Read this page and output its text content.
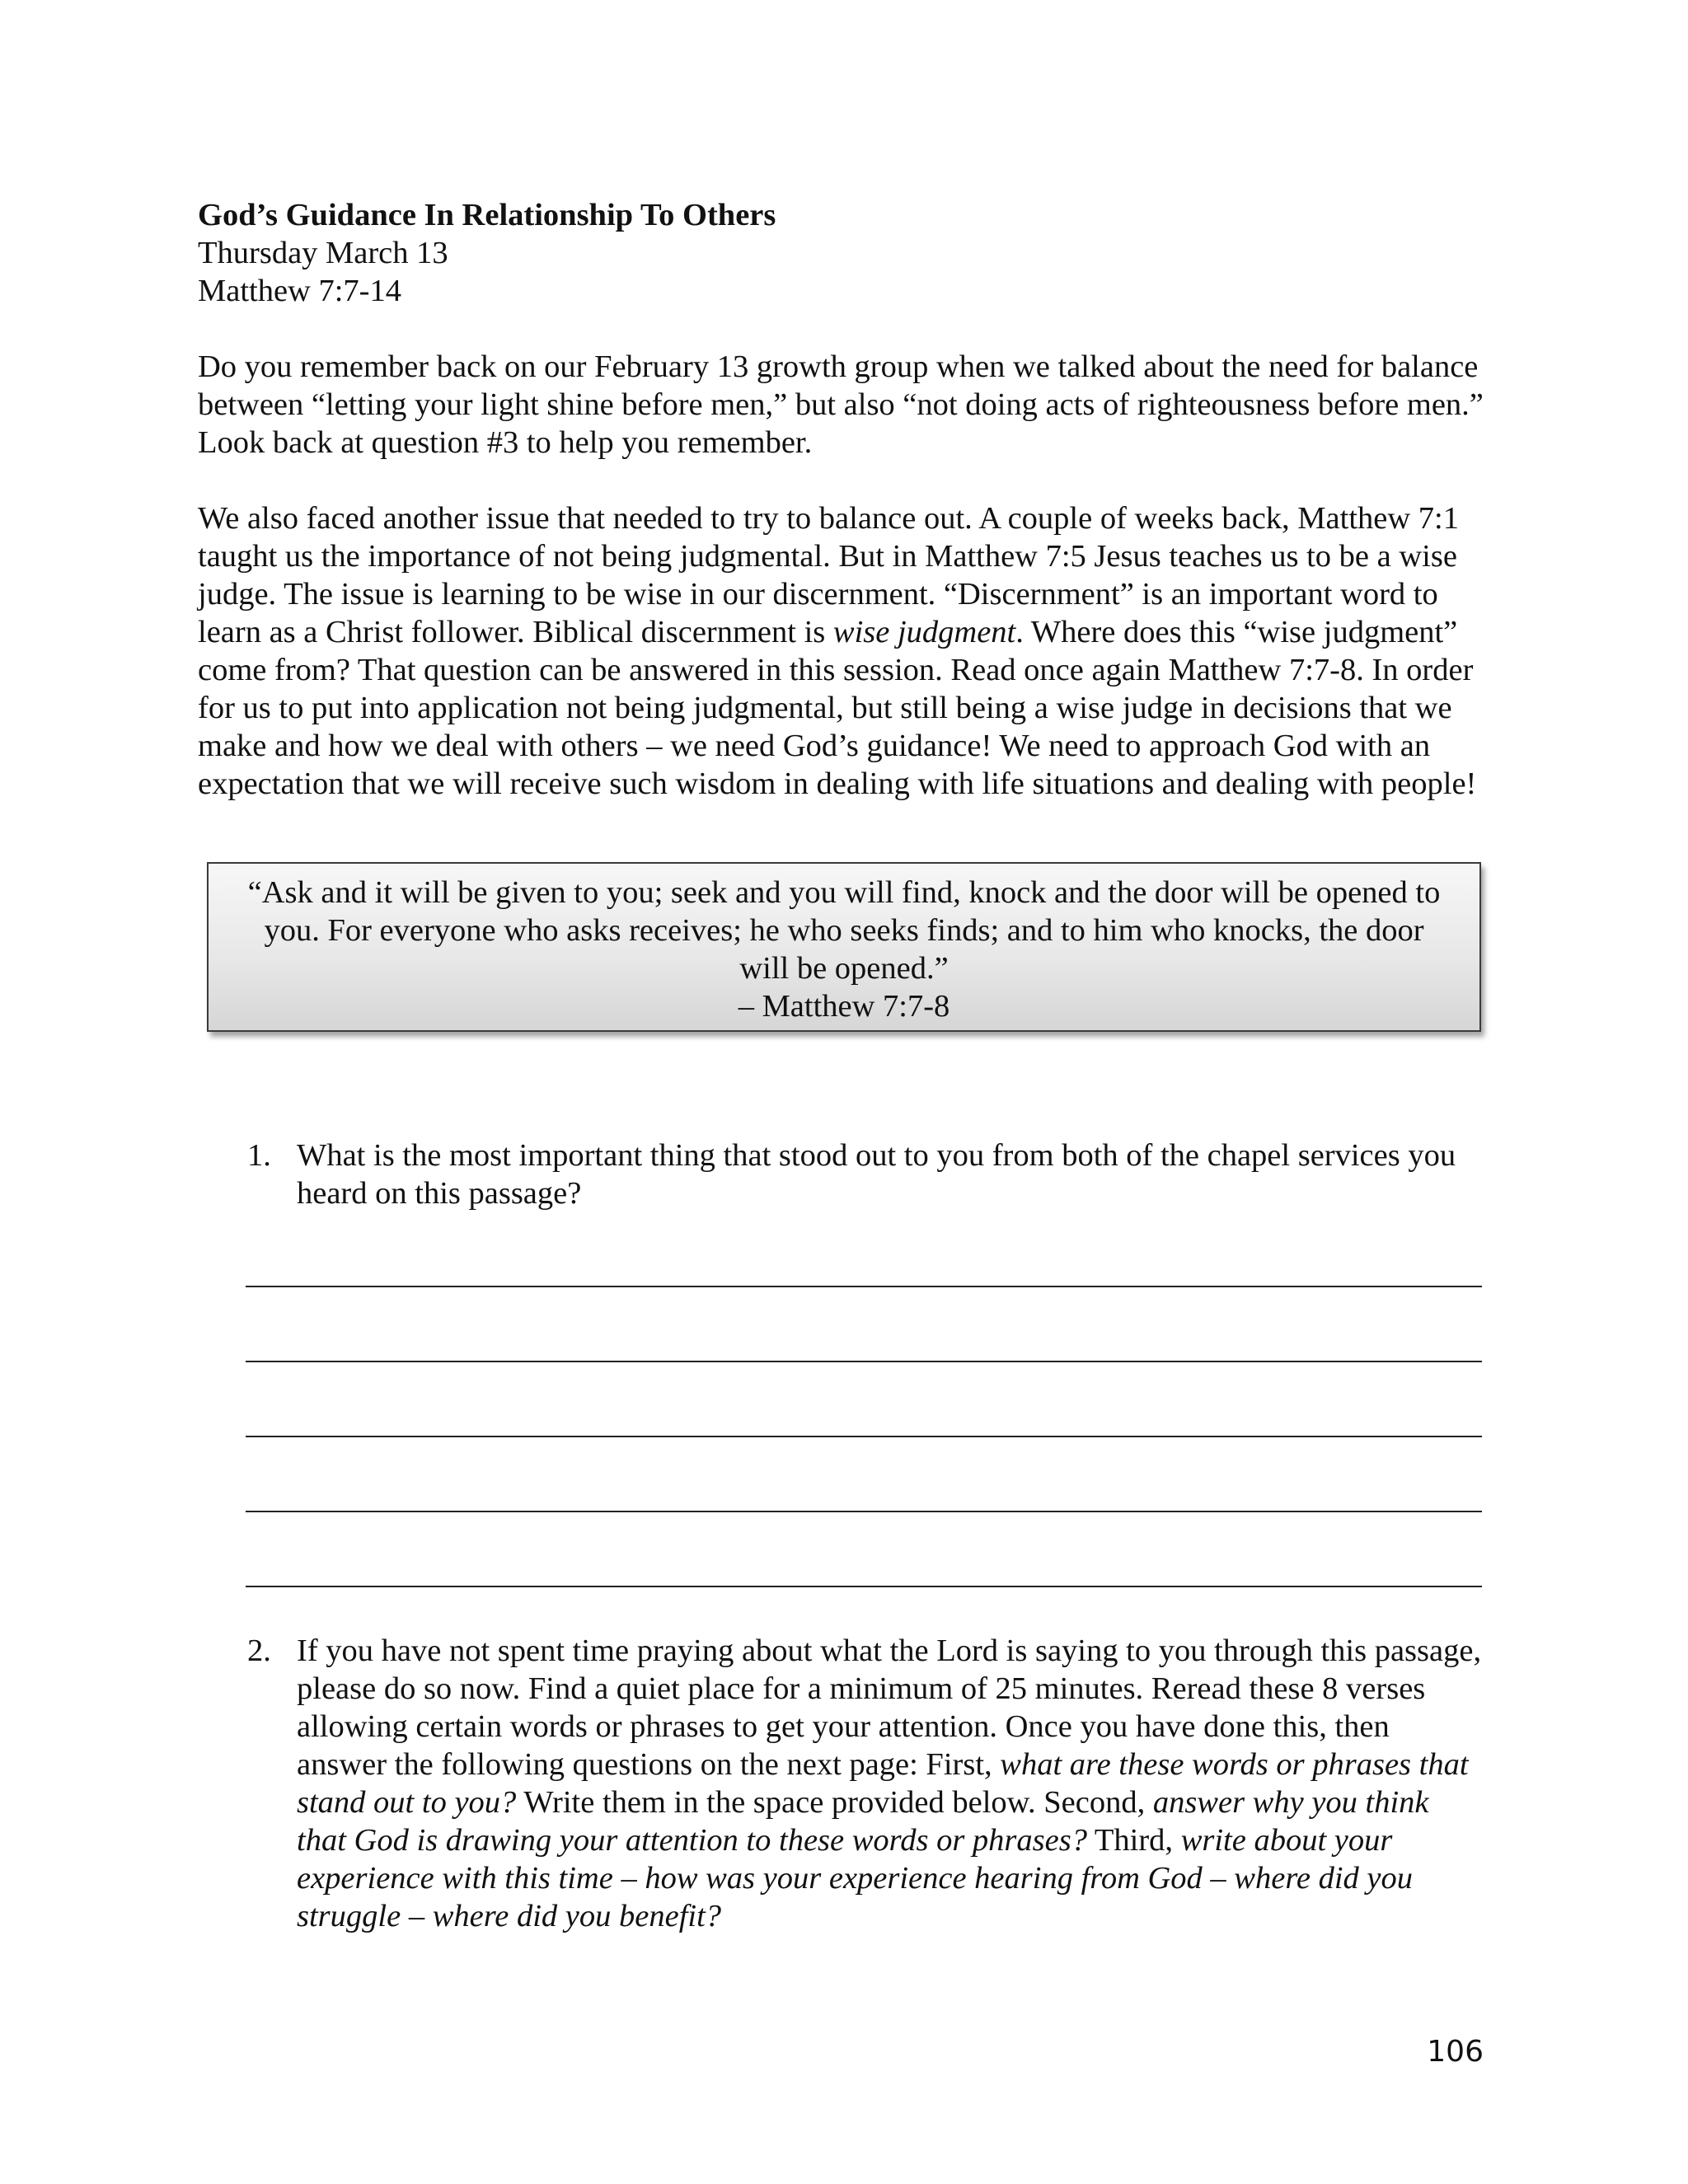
God’s Guidance In Relationship To Others

Thursday March 13

Matthew 7:7-14

Do you remember back on our February 13 growth group when we talked about the need for balance between “letting your light shine before men,” but also “not doing acts of righteousness before men.” Look back at question #3 to help you remember.

We also faced another issue that needed to try to balance out. A couple of weeks back, Matthew 7:1 taught us the importance of not being judgmental. But in Matthew 7:5 Jesus teaches us to be a wise judge. The issue is learning to be wise in our discernment. “Discernment” is an important word to learn as a Christ follower. Biblical discernment is wise judgment. Where does this “wise judgment” come from? That question can be answered in this session. Read once again Matthew 7:7-8. In order for us to put into application not being judgmental, but still being a wise judge in decisions that we make and how we deal with others – we need God’s guidance! We need to approach God with an expectation that we will receive such wisdom in dealing with life situations and dealing with people!

“Ask and it will be given to you; seek and you will find, knock and the door will be opened to you. For everyone who asks receives; he who seeks finds; and to him who knocks, the door will be opened.”

– Matthew 7:7-8

1. What is the most important thing that stood out to you from both of the chapel services you heard on this passage?
2. If you have not spent time praying about what the Lord is saying to you through this passage, please do so now. Find a quiet place for a minimum of 25 minutes. Reread these 8 verses allowing certain words or phrases to get your attention. Once you have done this, then answer the following questions on the next page: First, what are these words or phrases that stand out to you? Write them in the space provided below. Second, answer why you think that God is drawing your attention to these words or phrases? Third, write about your experience with this time – how was your experience hearing from God – where did you struggle – where did you benefit?
106
